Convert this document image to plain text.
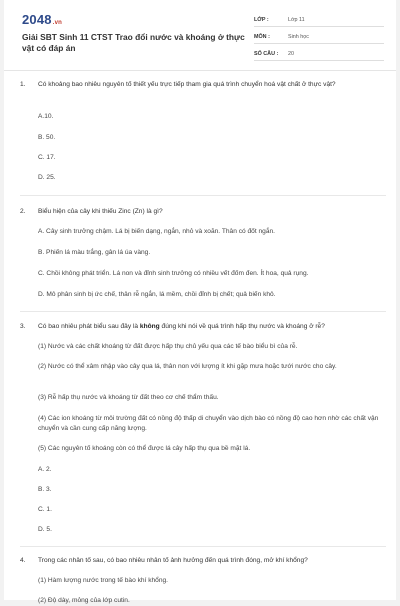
2048.vn
Giải SBT Sinh 11 CTST Trao đổi nước và khoáng ở thực vật có đáp án
LỚP :	Lớp 11
MÔN :	Sinh học
SỐ CÂU :	20
1.	Có khoảng bao nhiêu nguyên tố thiết yếu trực tiếp tham gia quá trình chuyển hoá vật chất ở thực vật?
A.10.
B. 50.
C. 17.
D. 25.
2.	Biểu hiện của cây khi thiếu Zinc (Zn) là gì?
A. Cây sinh trưởng chậm. Lá bị biến dạng, ngắn, nhỏ và xoăn. Thân có đốt ngắn.
B. Phiến lá màu trắng, gân lá úa vàng.
C. Chồi không phát triển. Lá non và đỉnh sinh trưởng có nhiều vết đốm đen. Ít hoa, quả rụng.
D. Mô phân sinh bị ức chế, thân rễ ngắn, lá mềm, chồi đỉnh bị chết; quả biến khô.
3.	Có bao nhiêu phát biểu sau đây là không đúng khi nói về quá trình hấp thụ nước và khoáng ở rễ?
(1) Nước và các chất khoáng từ đất được hấp thụ chủ yếu qua các tế bào biểu bì của rễ.
(2) Nước có thể xâm nhập vào cây qua lá, thân non với lượng ít khi gặp mưa hoặc tưới nước cho cây.
(3) Rễ hấp thụ nước và khoáng từ đất theo cơ chế thẩm thấu.
(4) Các ion khoáng từ môi trường đất có nồng độ thấp di chuyển vào dịch bào có nồng độ cao hơn nhờ các chất vận chuyển và cần cung cấp năng lượng.
(5) Các nguyên tố khoáng còn có thể được lá cây hấp thụ qua bề mặt lá.
A. 2.
B. 3.
C. 1.
D. 5.
4.	Trong các nhân tố sau, có bao nhiêu nhân tố ảnh hưởng đến quá trình đóng, mở khí khổng?
(1) Hàm lượng nước trong tế bào khí khổng.
(2) Độ dày, mỏng của lớp cutin.
